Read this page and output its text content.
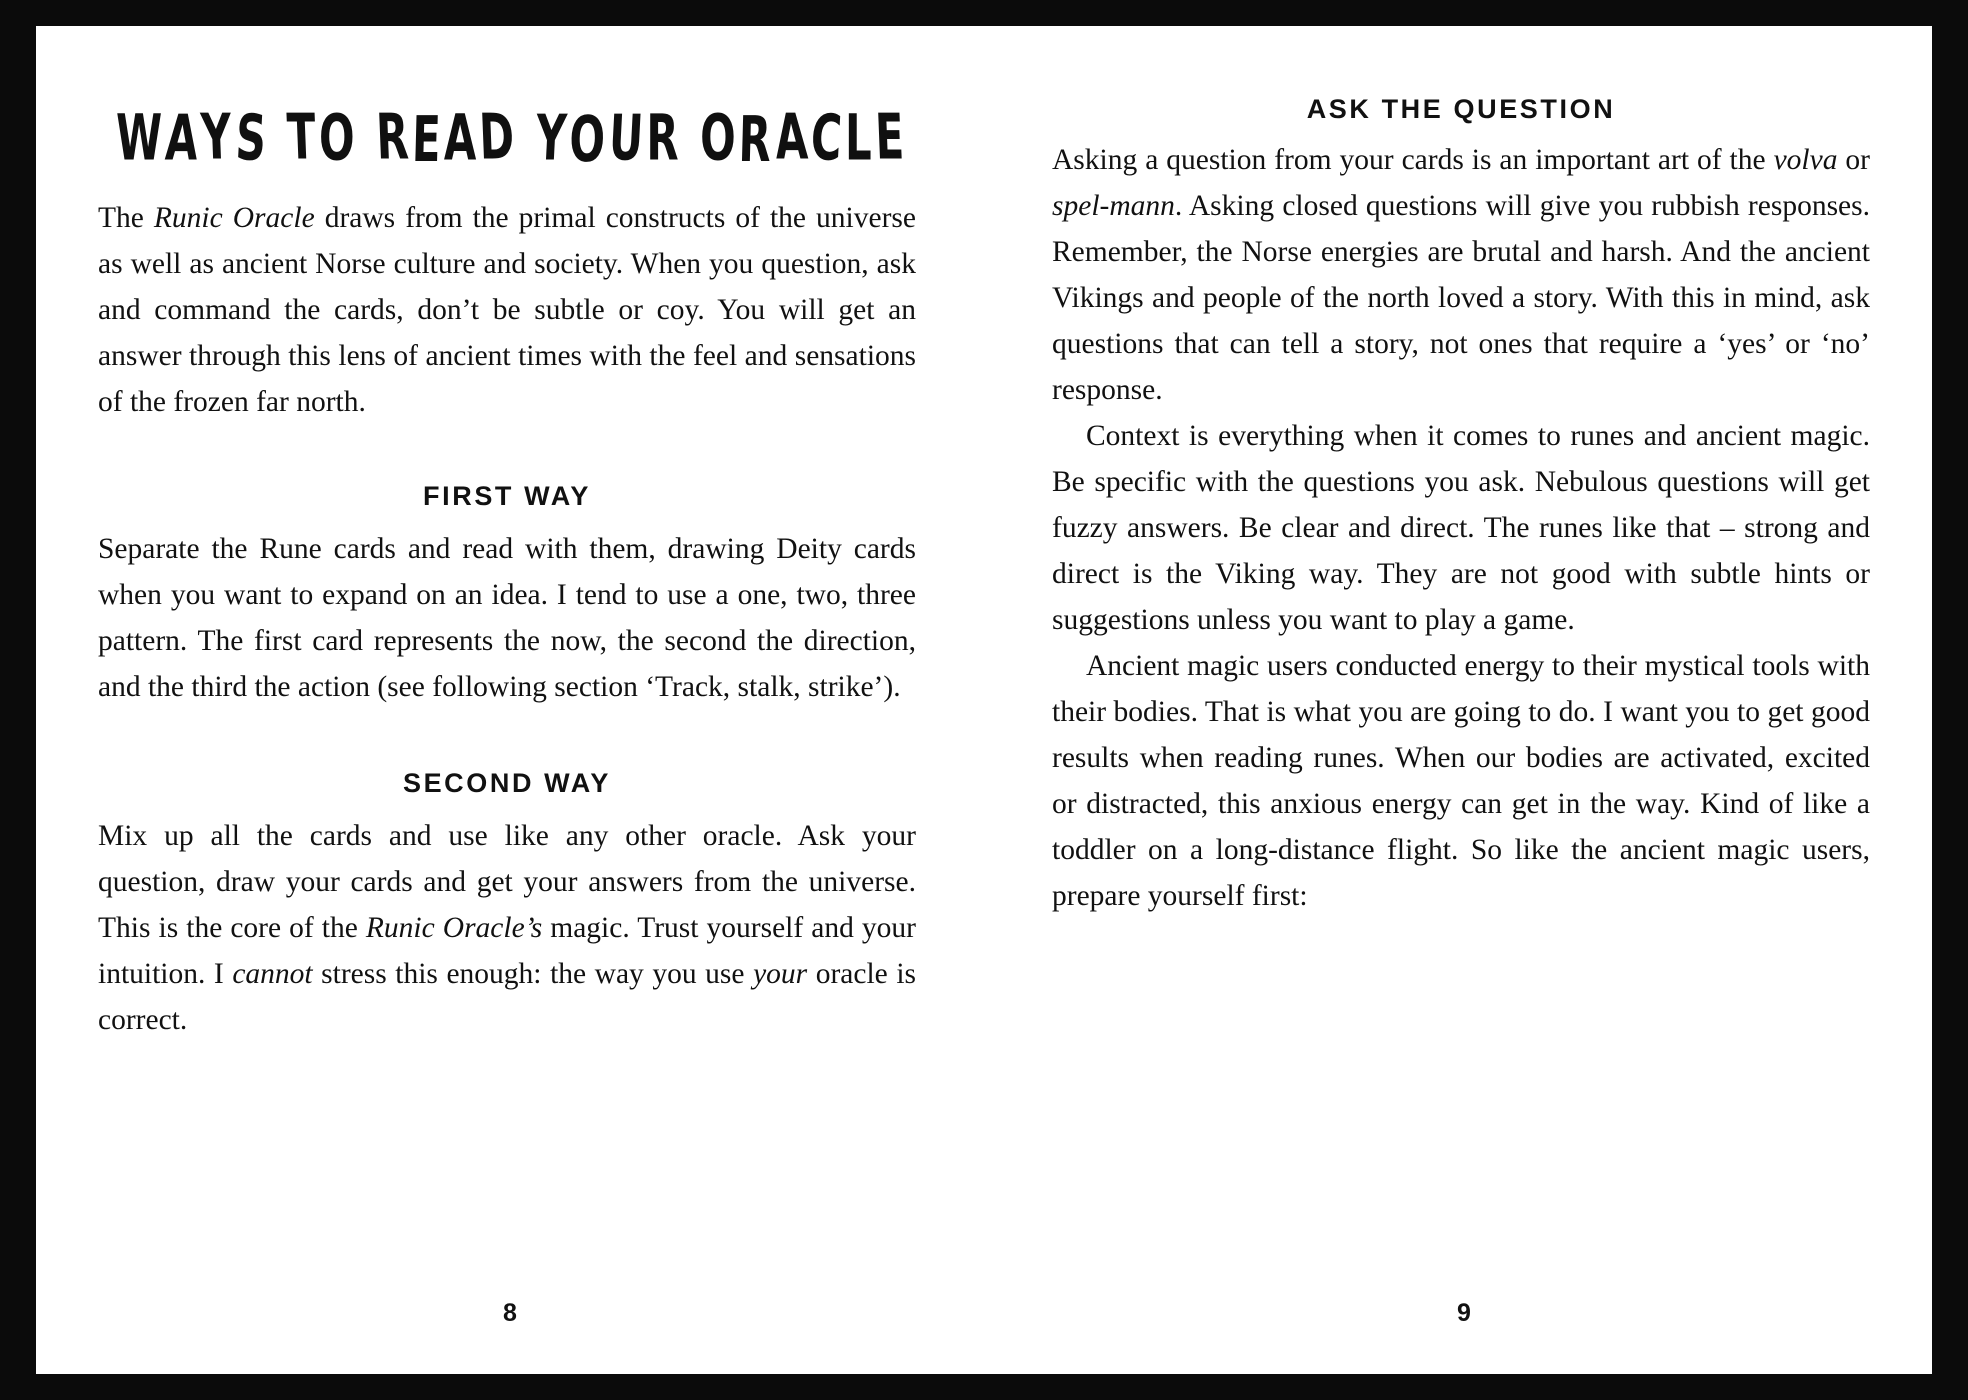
WAYS TO READ YOUR ORACLE

The Runic Oracle draws from the primal constructs of the universe as well as ancient Norse culture and society. When you question, ask and command the cards, don’t be subtle or coy. You will get an answer through this lens of ancient times with the feel and sensations of the frozen far north.

FIRST WAY

Separate the Rune cards and read with them, drawing Deity cards when you want to expand on an idea. I tend to use a one, two, three pattern. The first card represents the now, the second the direction, and the third the action (see following section ‘Track, stalk, strike’).

SECOND WAY

Mix up all the cards and use like any other oracle. Ask your question, draw your cards and get your answers from the universe. This is the core of the Runic Oracle’s magic. Trust yourself and your intuition. I cannot stress this enough: the way you use your oracle is correct.

8
ASK THE QUESTION

Asking a question from your cards is an important art of the volva or spel-mann. Asking closed questions will give you rubbish responses. Remember, the Norse energies are brutal and harsh. And the ancient Vikings and people of the north loved a story. With this in mind, ask questions that can tell a story, not ones that require a ‘yes’ or ‘no’ response.

Context is everything when it comes to runes and ancient magic. Be specific with the questions you ask. Nebulous questions will get fuzzy answers. Be clear and direct. The runes like that – strong and direct is the Viking way. They are not good with subtle hints or suggestions unless you want to play a game.

Ancient magic users conducted energy to their mystical tools with their bodies. That is what you are going to do. I want you to get good results when reading runes. When our bodies are activated, excited or distracted, this anxious energy can get in the way. Kind of like a toddler on a long-distance flight. So like the ancient magic users, prepare yourself first:

9
